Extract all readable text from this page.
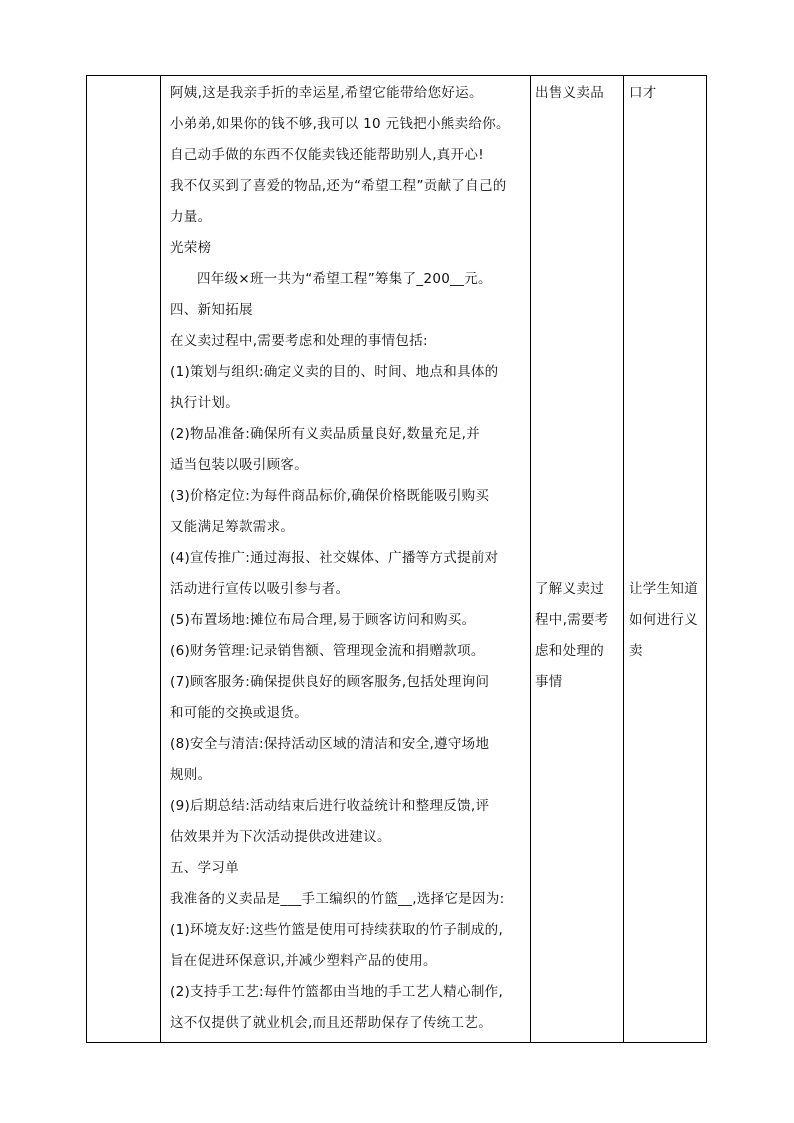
阿姨,这是我亲手折的幸运星,希望它能带给您好运。
小弟弟,如果你的钱不够,我可以 10 元钱把小熊卖给你。
自己动手做的东西不仅能卖钱还能帮助别人,真开心!
我不仅买到了喜爱的物品,还为“希望工程”贡献了自己的
力量。
光荣榜
四年级×班一共为“希望工程”筹集了_200__元。
四、新知拓展
在义卖过程中,需要考虑和处理的事情包括:
(1)策划与组织:确定义卖的目的、时间、地点和具体的
执行计划。
(2)物品准备:确保所有义卖品质量良好,数量充足,并
适当包装以吸引顾客。
(3)价格定位:为每件商品标价,确保价格既能吸引购买
又能满足筹款需求。
(4)宣传推广:通过海报、社交媒体、广播等方式提前对
活动进行宣传以吸引参与者。
(5)布置场地:摊位布局合理,易于顾客访问和购买。
(6)财务管理:记录销售额、管理现金流和捐赠款项。
(7)顾客服务:确保提供良好的顾客服务,包括处理询问
和可能的交换或退货。
(8)安全与清洁:保持活动区域的清洁和安全,遵守场地
规则。
(9)后期总结:活动结束后进行收益统计和整理反馈,评
估效果并为下次活动提供改进建议。
五、学习单
我准备的义卖品是___手工编织的竹篮__,选择它是因为:
(1)环境友好:这些竹篮是使用可持续获取的竹子制成的,
旨在促进环保意识,并减少塑料产品的使用。
(2)支持手工艺:每件竹篮都由当地的手工艺人精心制作,
这不仅提供了就业机会,而且还帮助保存了传统工艺。
出售义卖品
了解义卖过
程中,需要考
虑和处理的
事情
口才
让学生知道
如何进行义
卖
